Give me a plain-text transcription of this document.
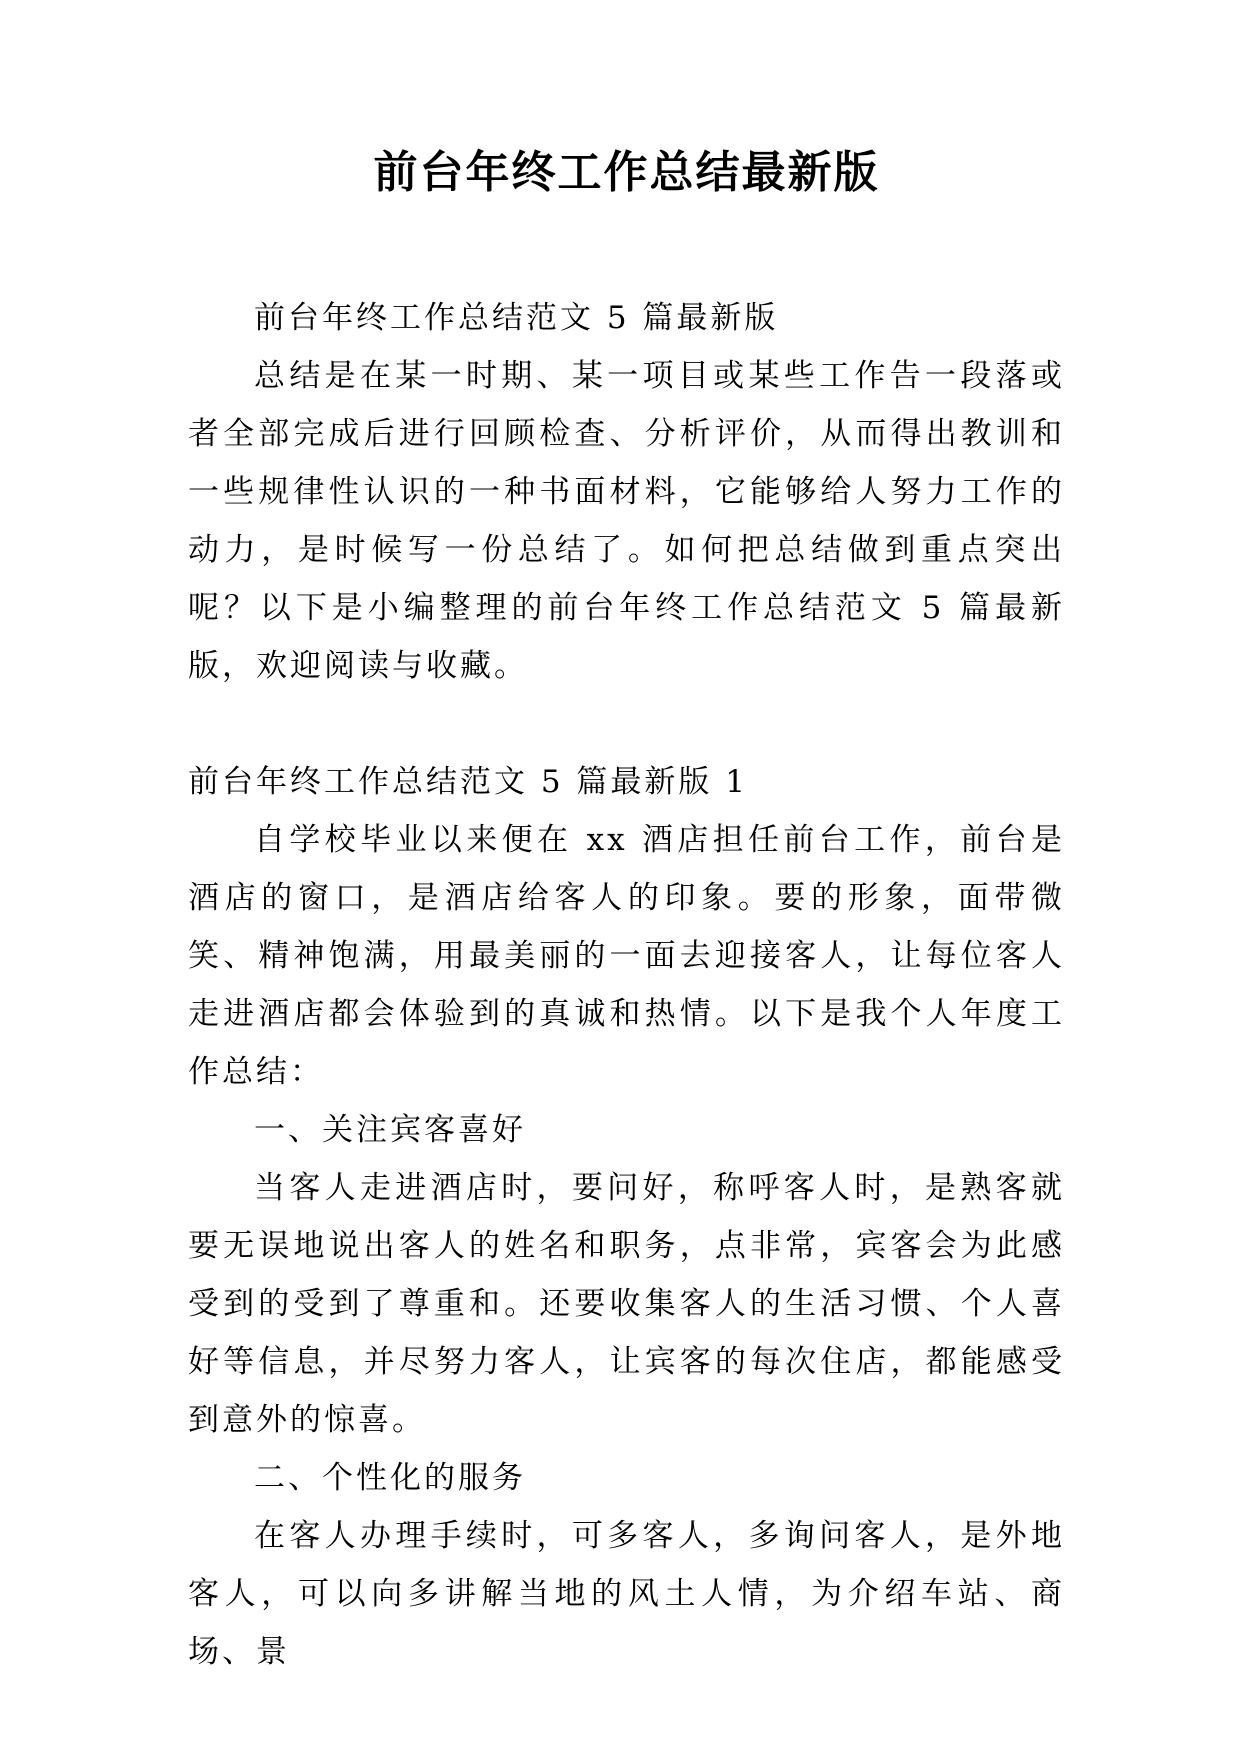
前台年终工作总结最新版

前台年终工作总结范文 5 篇最新版

总结是在某一时期、某一项目或某些工作告一段落或者全部完成后进行回顾检查、分析评价，从而得出教训和一些规律性认识的一种书面材料，它能够给人努力工作的动力，是时候写一份总结了。如何把总结做到重点突出呢？以下是小编整理的前台年终工作总结范文 5 篇最新版，欢迎阅读与收藏。

前台年终工作总结范文 5 篇最新版 1

自学校毕业以来便在 xx 酒店担任前台工作，前台是酒店的窗口，是酒店给客人的印象。要的形象，面带微笑、精神饱满，用最美丽的一面去迎接客人，让每位客人走进酒店都会体验到的真诚和热情。以下是我个人年度工作总结：

一、关注宾客喜好

当客人走进酒店时，要问好，称呼客人时，是熟客就要无误地说出客人的姓名和职务，点非常，宾客会为此感受到的受到了尊重和。还要收集客人的生活习惯、个人喜好等信息，并尽努力客人，让宾客的每次住店，都能感受到意外的惊喜。

二、个性化的服务

在客人办理手续时，可多客人，多询问客人，是外地客人，可以向多讲解当地的风土人情，为介绍车站、商场、景
